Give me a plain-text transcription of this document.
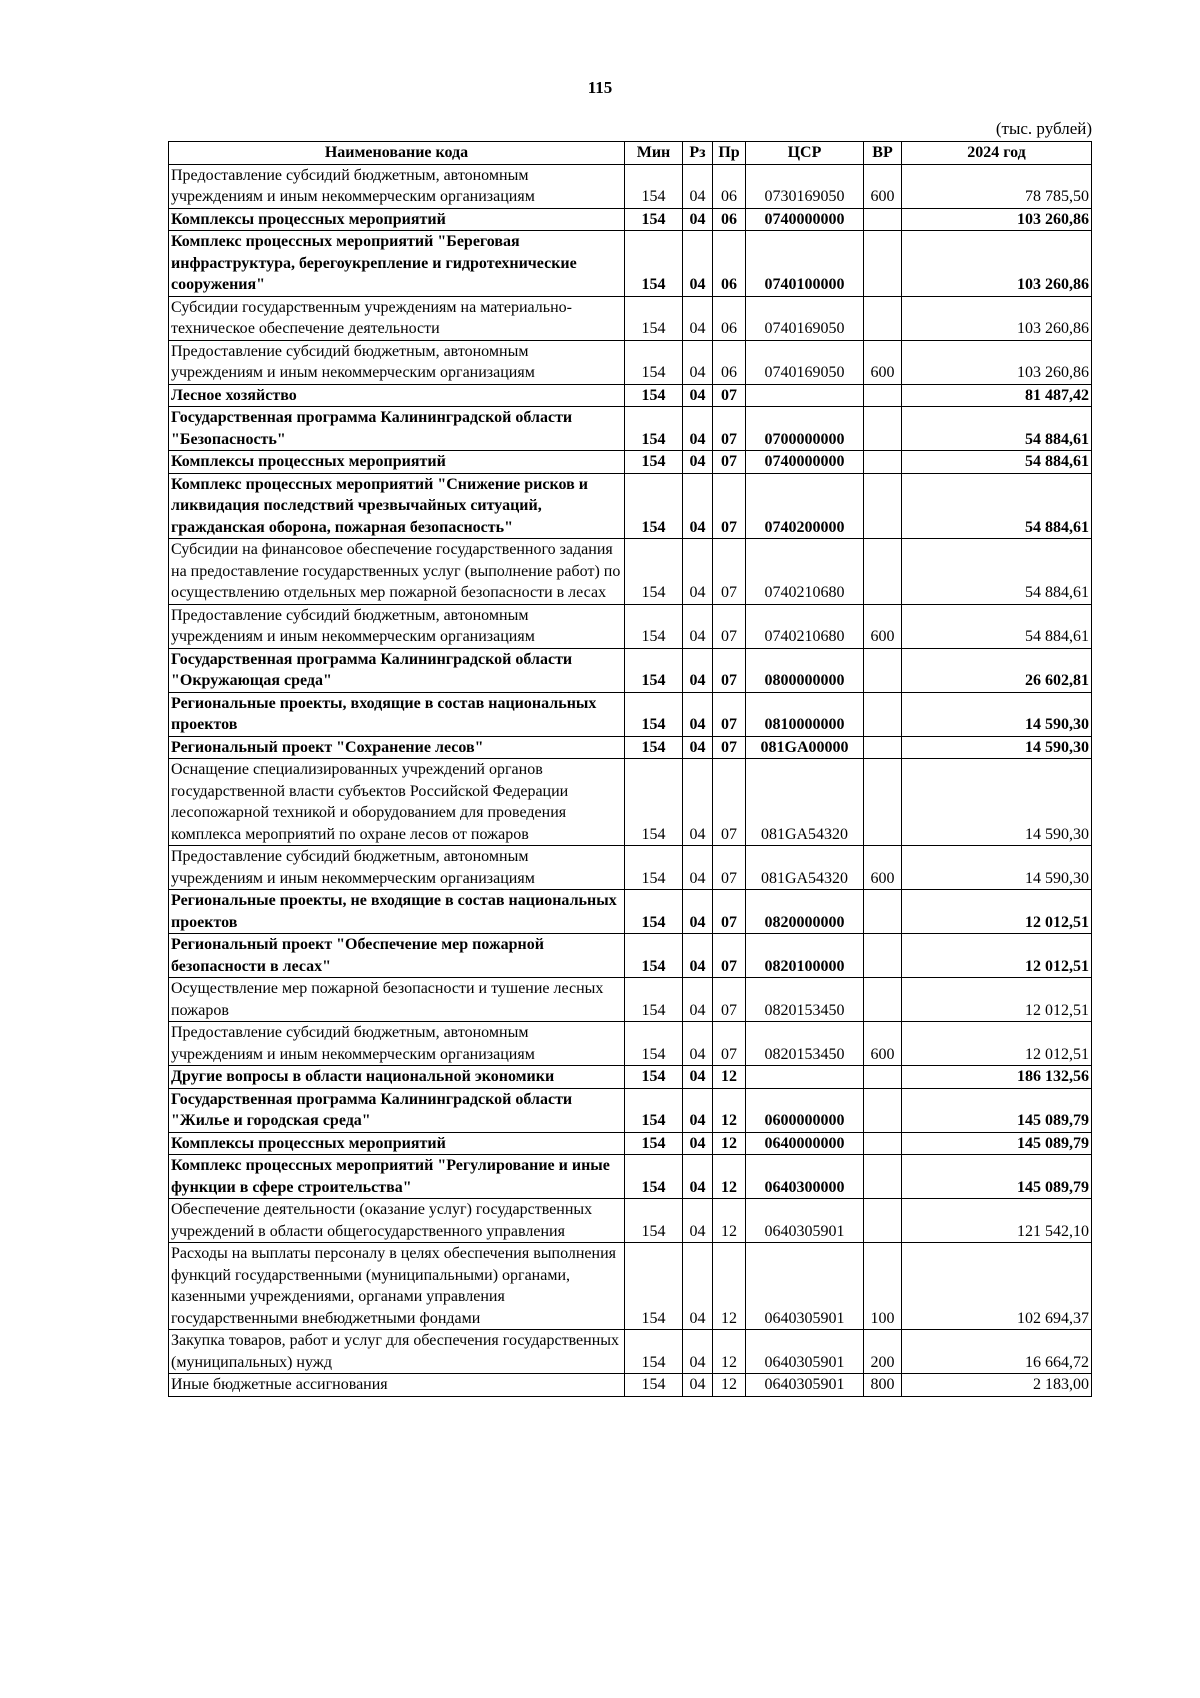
115
(тыс. рублей)
Наименование кода	Мин	Рз	Пр	ЦСР	ВР	2024 год
Предоставление субсидий бюджетным, автономным учреждениям и иным некоммерческим организациям	154	04	06	0730169050	600	78 785,50
Комплексы процессных мероприятий	154	04	06	0740000000		103 260,86
Комплекс процессных мероприятий "Береговая инфраструктура, берегоукрепление и гидротехнические сооружения"	154	04	06	0740100000		103 260,86
Субсидии государственным учреждениям на материально-техническое обеспечение деятельности	154	04	06	0740169050		103 260,86
Предоставление субсидий бюджетным, автономным учреждениям и иным некоммерческим организациям	154	04	06	0740169050	600	103 260,86
Лесное хозяйство	154	04	07			81 487,42
Государственная программа Калининградской области "Безопасность"	154	04	07	0700000000		54 884,61
Комплексы процессных мероприятий	154	04	07	0740000000		54 884,61
Комплекс процессных мероприятий "Снижение рисков и ликвидация последствий чрезвычайных ситуаций, гражданская оборона, пожарная безопасность"	154	04	07	0740200000		54 884,61
Субсидии на финансовое обеспечение государственного задания на предоставление государственных услуг (выполнение работ) по осуществлению отдельных мер пожарной безопасности в лесах	154	04	07	0740210680		54 884,61
Предоставление субсидий бюджетным, автономным учреждениям и иным некоммерческим организациям	154	04	07	0740210680	600	54 884,61
Государственная программа Калининградской области "Окружающая среда"	154	04	07	0800000000		26 602,81
Региональные проекты, входящие в состав национальных проектов	154	04	07	0810000000		14 590,30
Региональный проект "Сохранение лесов"	154	04	07	081GA00000		14 590,30
Оснащение специализированных учреждений органов государственной власти субъектов Российской Федерации лесопожарной техникой и оборудованием для проведения комплекса мероприятий по охране лесов от пожаров	154	04	07	081GA54320		14 590,30
Предоставление субсидий бюджетным, автономным учреждениям и иным некоммерческим организациям	154	04	07	081GA54320	600	14 590,30
Региональные проекты, не входящие в состав национальных проектов	154	04	07	0820000000		12 012,51
Региональный проект "Обеспечение мер пожарной безопасности в лесах"	154	04	07	0820100000		12 012,51
Осуществление мер пожарной безопасности и тушение лесных пожаров	154	04	07	0820153450		12 012,51
Предоставление субсидий бюджетным, автономным учреждениям и иным некоммерческим организациям	154	04	07	0820153450	600	12 012,51
Другие вопросы в области национальной экономики	154	04	12			186 132,56
Государственная программа Калининградской области "Жилье и городская среда"	154	04	12	0600000000		145 089,79
Комплексы процессных мероприятий	154	04	12	0640000000		145 089,79
Комплекс процессных мероприятий "Регулирование и иные функции в сфере строительства"	154	04	12	0640300000		145 089,79
Обеспечение деятельности (оказание услуг) государственных учреждений в области общегосударственного управления	154	04	12	0640305901		121 542,10
Расходы на выплаты персоналу в целях обеспечения выполнения функций государственными (муниципальными) органами, казенными учреждениями, органами управления государственными внебюджетными фондами	154	04	12	0640305901	100	102 694,37
Закупка товаров, работ и услуг для обеспечения государственных (муниципальных) нужд	154	04	12	0640305901	200	16 664,72
Иные бюджетные ассигнования	154	04	12	0640305901	800	2 183,00
